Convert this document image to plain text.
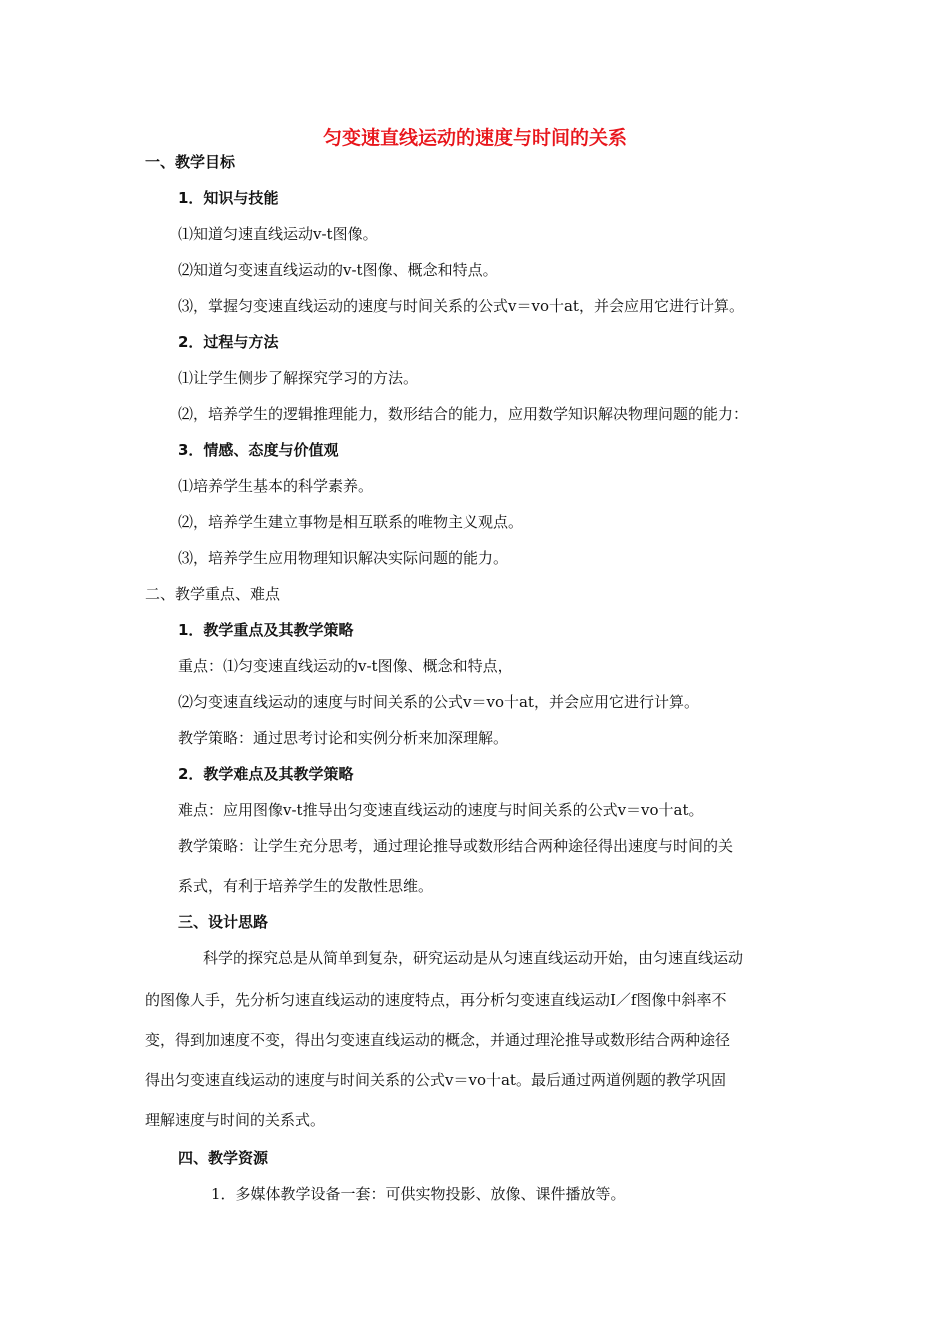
匀变速直线运动的速度与时间的关系
一、教学目标
1．知识与技能
⑴知道匀速直线运动v-t图像。
⑵知道匀变速直线运动的v-t图像、概念和特点。
⑶，掌握匀变速直线运动的速度与时间关系的公式v＝vo十at，并会应用它进行计算。
2．过程与方法
⑴让学生侧步了解探究学习的方法。
⑵，培养学生的逻辑推理能力，数形结合的能力，应用数学知识解决物理问题的能力：
3．情感、态度与价值观
⑴培养学生基本的科学素养。
⑵，培养学生建立事物是相互联系的唯物主义观点。
⑶，培养学生应用物理知识解决实际问题的能力。
二、教学重点、难点
1．教学重点及其教学策略
重点：⑴匀变速直线运动的v-t图像、概念和特点，
⑵匀变速直线运动的速度与时间关系的公式v＝vo十at，并会应用它进行计算。
教学策略：通过思考讨论和实例分析来加深理解。
2．教学难点及其教学策略
难点：应用图像v-t推导出匀变速直线运动的速度与时间关系的公式v＝vo十at。
教学策略：让学生充分思考，通过理论推导或数形结合两种途径得出速度与时间的关
系式，有利于培养学生的发散性思维。
三、设计思路
科学的探究总是从简单到复杂，研究运动是从匀速直线运动开始，由匀速直线运动
的图像人手，先分析匀速直线运动的速度特点，再分析匀变速直线运动I／f图像中斜率不
变，得到加速度不变，得出匀变速直线运动的概念，并通过理沦推导或数形结合两种途径
得出匀变速直线运动的速度与时间关系的公式v＝vo十at。最后通过两道例题的教学巩固
理解速度与时间的关系式。
四、教学资源
1．多媒体教学设备一套：可供实物投影、放像、课件播放等。
